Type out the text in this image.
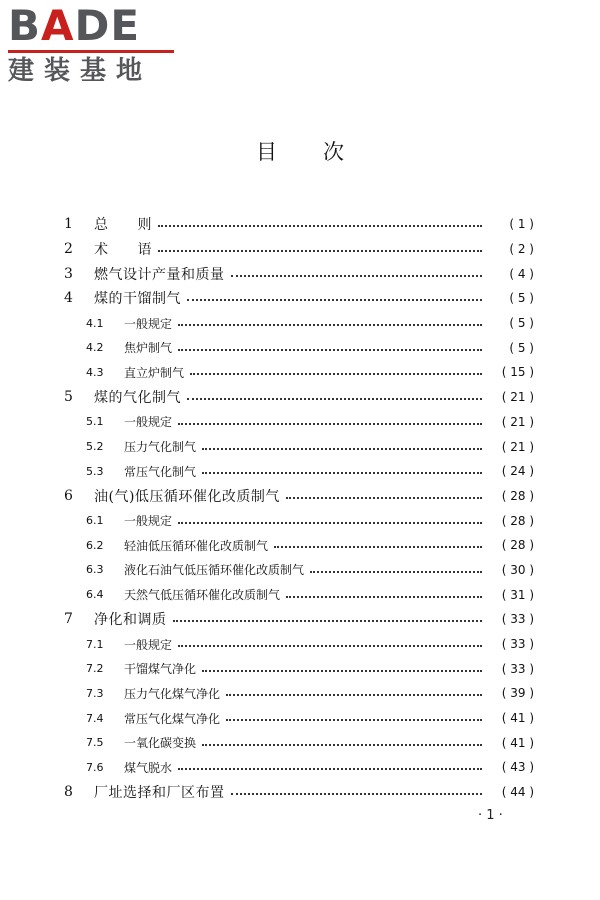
BADE
建装基地
目次
1	总　　则	( 1 )
2	术　　语	( 2 )
3	燃气设计产量和质量	( 4 )
4	煤的干馏制气	( 5 )
4.1	一般规定	( 5 )
4.2	焦炉制气	( 5 )
4.3	直立炉制气	( 15 )
5	煤的气化制气	( 21 )
5.1	一般规定	( 21 )
5.2	压力气化制气	( 21 )
5.3	常压气化制气	( 24 )
6	油(气)低压循环催化改质制气	( 28 )
6.1	一般规定	( 28 )
6.2	轻油低压循环催化改质制气	( 28 )
6.3	液化石油气低压循环催化改质制气	( 30 )
6.4	天然气低压循环催化改质制气	( 31 )
7	净化和调质	( 33 )
7.1	一般规定	( 33 )
7.2	干馏煤气净化	( 33 )
7.3	压力气化煤气净化	( 39 )
7.4	常压气化煤气净化	( 41 )
7.5	一氧化碳变换	( 41 )
7.6	煤气脱水	( 43 )
8	厂址选择和厂区布置	( 44 )
· 1 ·
